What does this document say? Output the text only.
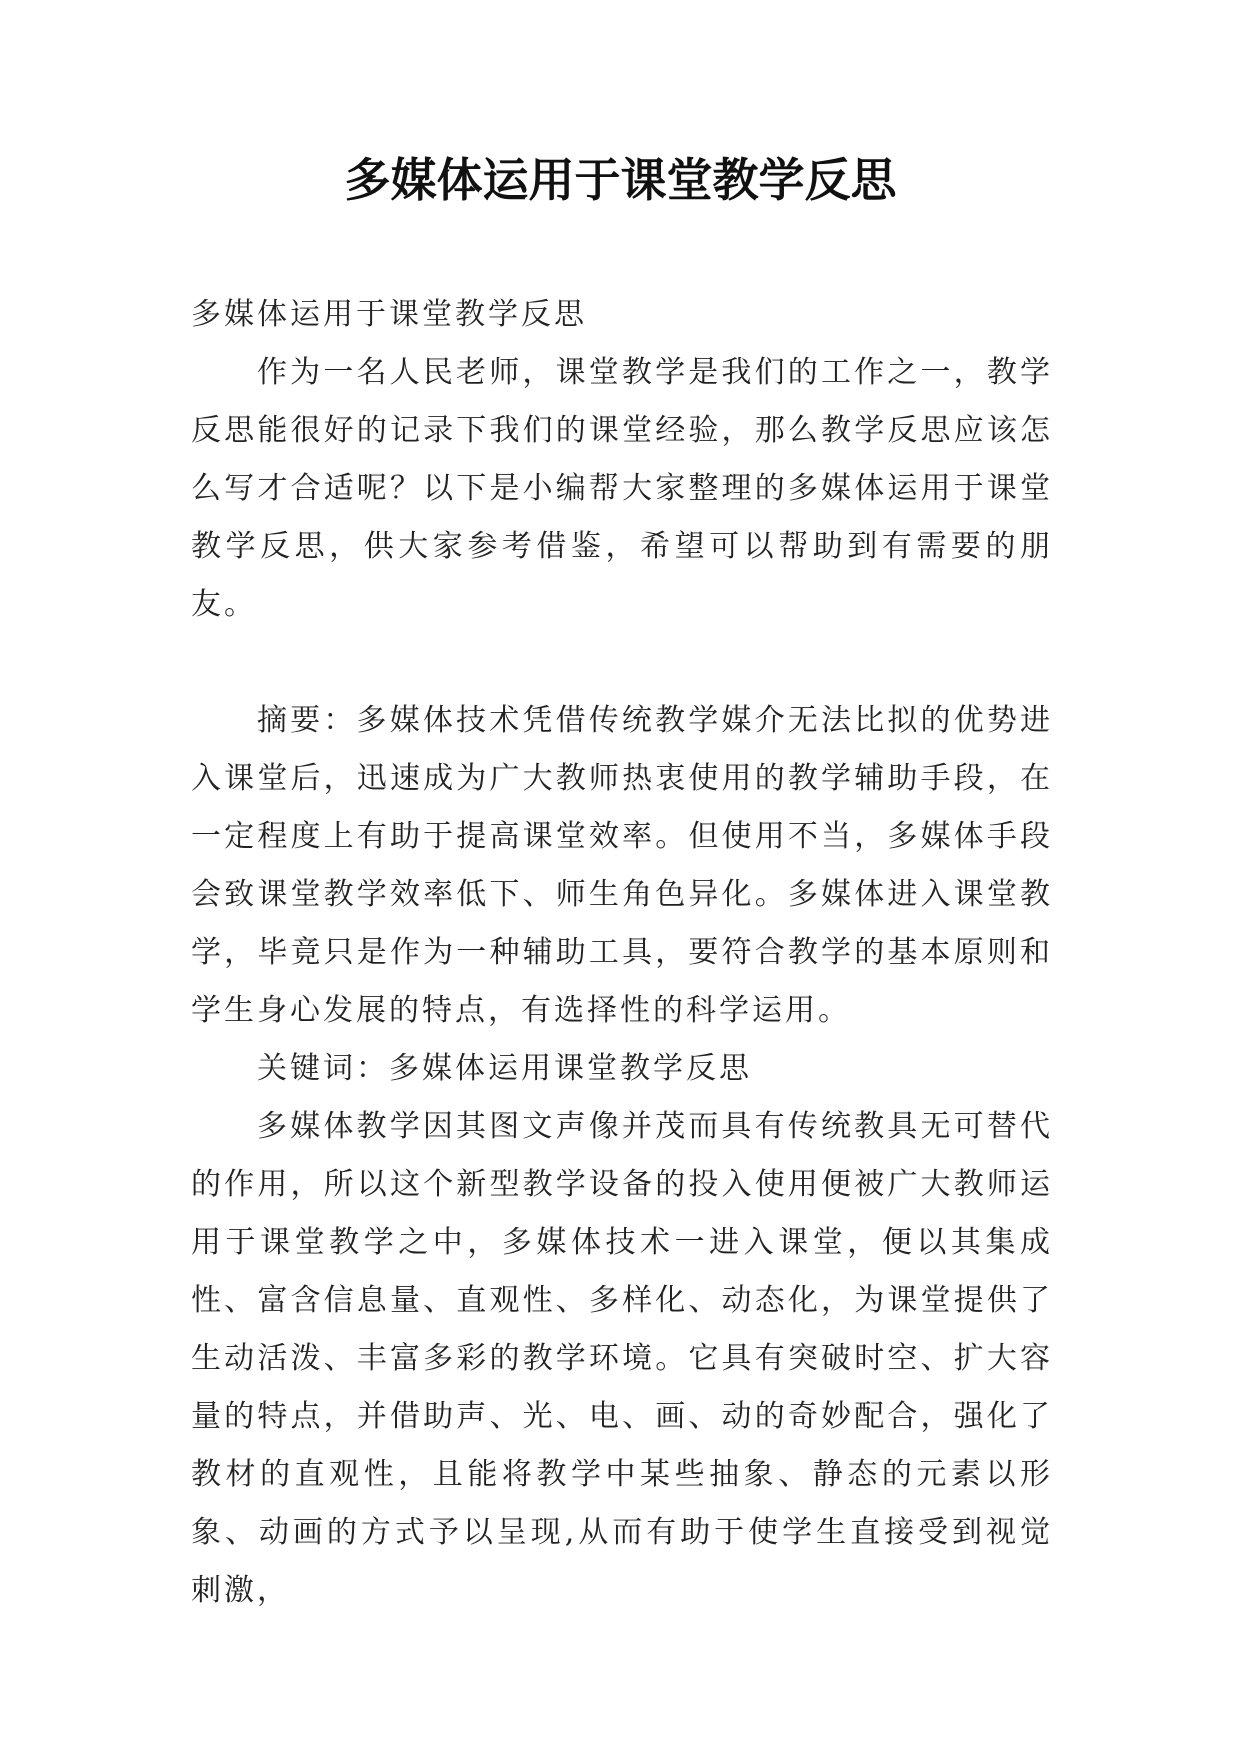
多媒体运用于课堂教学反思

多媒体运用于课堂教学反思

作为一名人民老师，课堂教学是我们的工作之一，教学反思能很好的记录下我们的课堂经验，那么教学反思应该怎么写才合适呢？以下是小编帮大家整理的多媒体运用于课堂教学反思，供大家参考借鉴，希望可以帮助到有需要的朋友。

摘要：多媒体技术凭借传统教学媒介无法比拟的优势进入课堂后，迅速成为广大教师热衷使用的教学辅助手段，在一定程度上有助于提高课堂效率。但使用不当，多媒体手段会致课堂教学效率低下、师生角色异化。多媒体进入课堂教学，毕竟只是作为一种辅助工具，要符合教学的基本原则和学生身心发展的特点，有选择性的科学运用。

关键词：多媒体运用课堂教学反思

多媒体教学因其图文声像并茂而具有传统教具无可替代的作用，所以这个新型教学设备的投入使用便被广大教师运用于课堂教学之中，多媒体技术一进入课堂，便以其集成性、富含信息量、直观性、多样化、动态化，为课堂提供了生动活泼、丰富多彩的教学环境。它具有突破时空、扩大容量的特点，并借助声、光、电、画、动的奇妙配合，强化了教材的直观性，且能将教学中某些抽象、静态的元素以形象、动画的方式予以呈现,从而有助于使学生直接受到视觉刺激，
